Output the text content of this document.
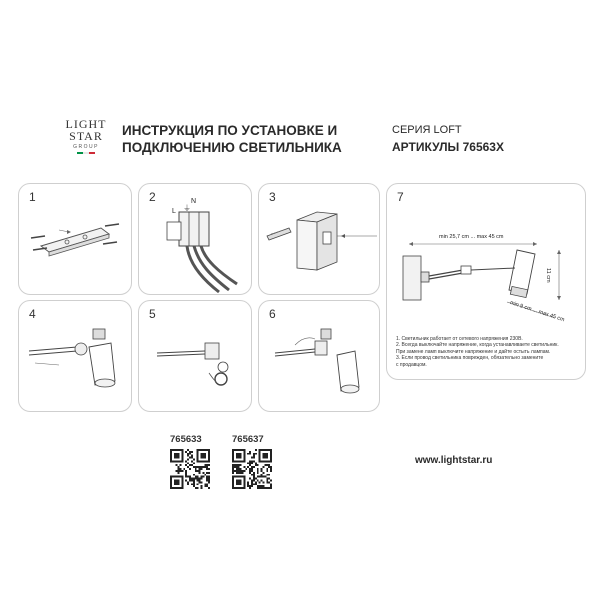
LIGHT
STAR
GROUP
ИНСТРУКЦИЯ ПО УСТАНОВКЕ И
ПОДКЛЮЧЕНИЮ СВЕТИЛЬНИКА
СЕРИЯ LOFT
АРТИКУЛЫ 76563X
1	2
L
N
⏚
3	7
min 25,7 cm ... max 45 cm
11 cm
min 9 cm ... max 45 cm
4	5	6
1. Светильник работает от сетевого напряжения 230В.
2. Всегда выключайте напряжение, когда устанавливаете светильник.
При замене ламп выключите напряжение и дайте остыть лампам.
3. Если провод светильника поврежден, обязательно замените
с продавцом.
765633	765637
www.lightstar.ru
